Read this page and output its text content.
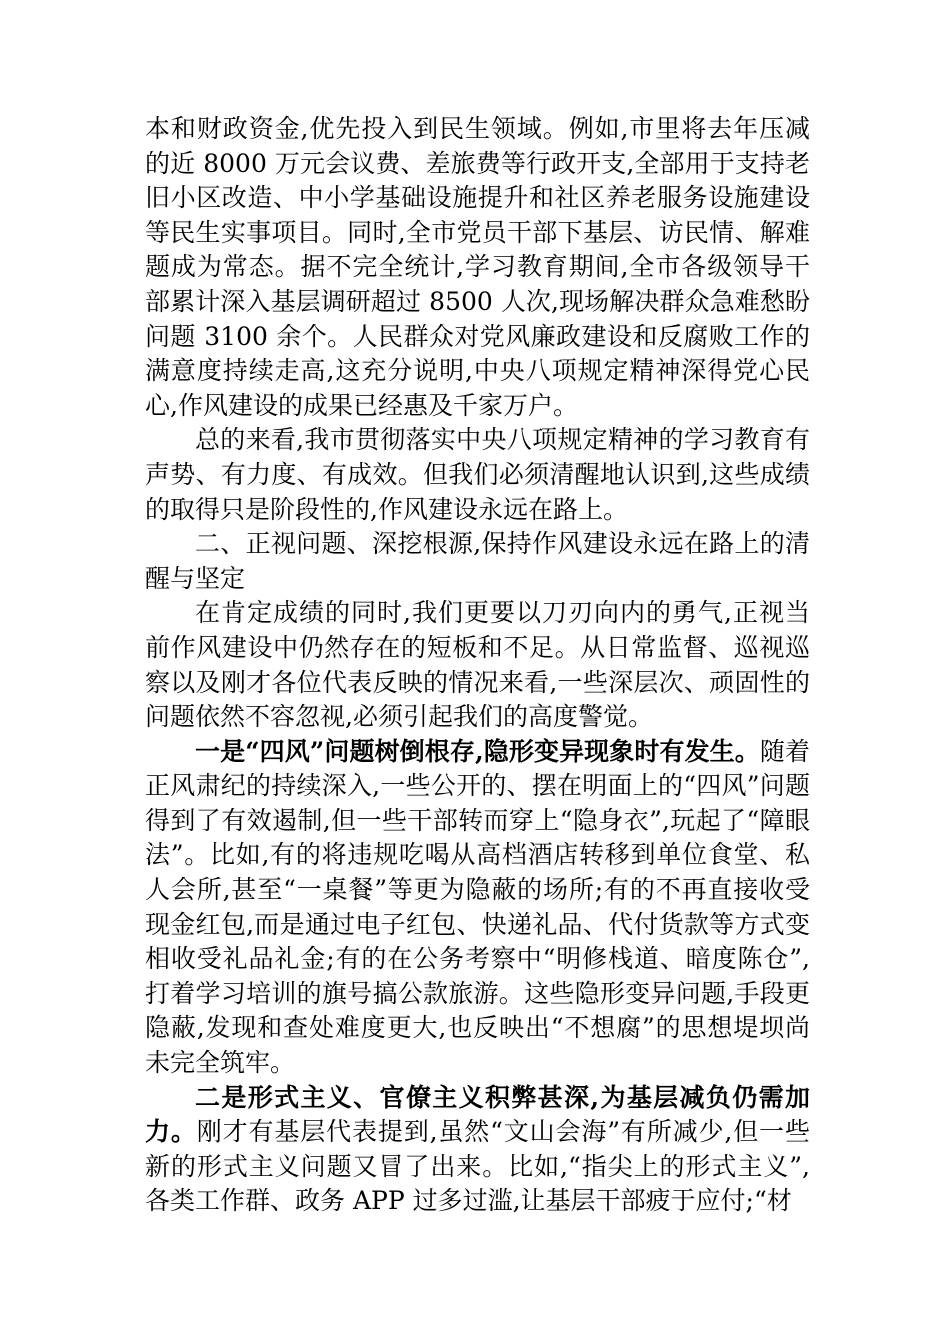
本和财政资金,优先投入到民生领域。例如,市里将去年压减的近 8000 万元会议费、差旅费等行政开支,全部用于支持老旧小区改造、中小学基础设施提升和社区养老服务设施建设等民生实事项目。同时,全市党员干部下基层、访民情、解难题成为常态。据不完全统计,学习教育期间,全市各级领导干部累计深入基层调研超过 8500 人次,现场解决群众急难愁盼问题 3100 余个。人民群众对党风廉政建设和反腐败工作的满意度持续走高,这充分说明,中央八项规定精神深得党心民心,作风建设的成果已经惠及千家万户。

总的来看,我市贯彻落实中央八项规定精神的学习教育有声势、有力度、有成效。但我们必须清醒地认识到,这些成绩的取得只是阶段性的,作风建设永远在路上。

二、正视问题、深挖根源,保持作风建设永远在路上的清醒与坚定

在肯定成绩的同时,我们更要以刀刃向内的勇气,正视当前作风建设中仍然存在的短板和不足。从日常监督、巡视巡察以及刚才各位代表反映的情况来看,一些深层次、顽固性的问题依然不容忽视,必须引起我们的高度警觉。

一是“四风”问题树倒根存,隐形变异现象时有发生。随着正风肃纪的持续深入,一些公开的、摆在明面上的“四风”问题得到了有效遏制,但一些干部转而穿上“隐身衣”,玩起了“障眼法”。比如,有的将违规吃喝从高档酒店转移到单位食堂、私人会所,甚至“一桌餐”等更为隐蔽的场所;有的不再直接收受现金红包,而是通过电子红包、快递礼品、代付货款等方式变相收受礼品礼金;有的在公务考察中“明修栈道、暗度陈仓”,打着学习培训的旗号搞公款旅游。这些隐形变异问题,手段更隐蔽,发现和查处难度更大,也反映出“不想腐”的思想堤坝尚未完全筑牢。

二是形式主义、官僚主义积弊甚深,为基层减负仍需加力。刚才有基层代表提到,虽然“文山会海”有所减少,但一些新的形式主义问题又冒了出来。比如,“指尖上的形式主义”,各类工作群、政务 APP 过多过滥,让基层干部疲于应付;“材
